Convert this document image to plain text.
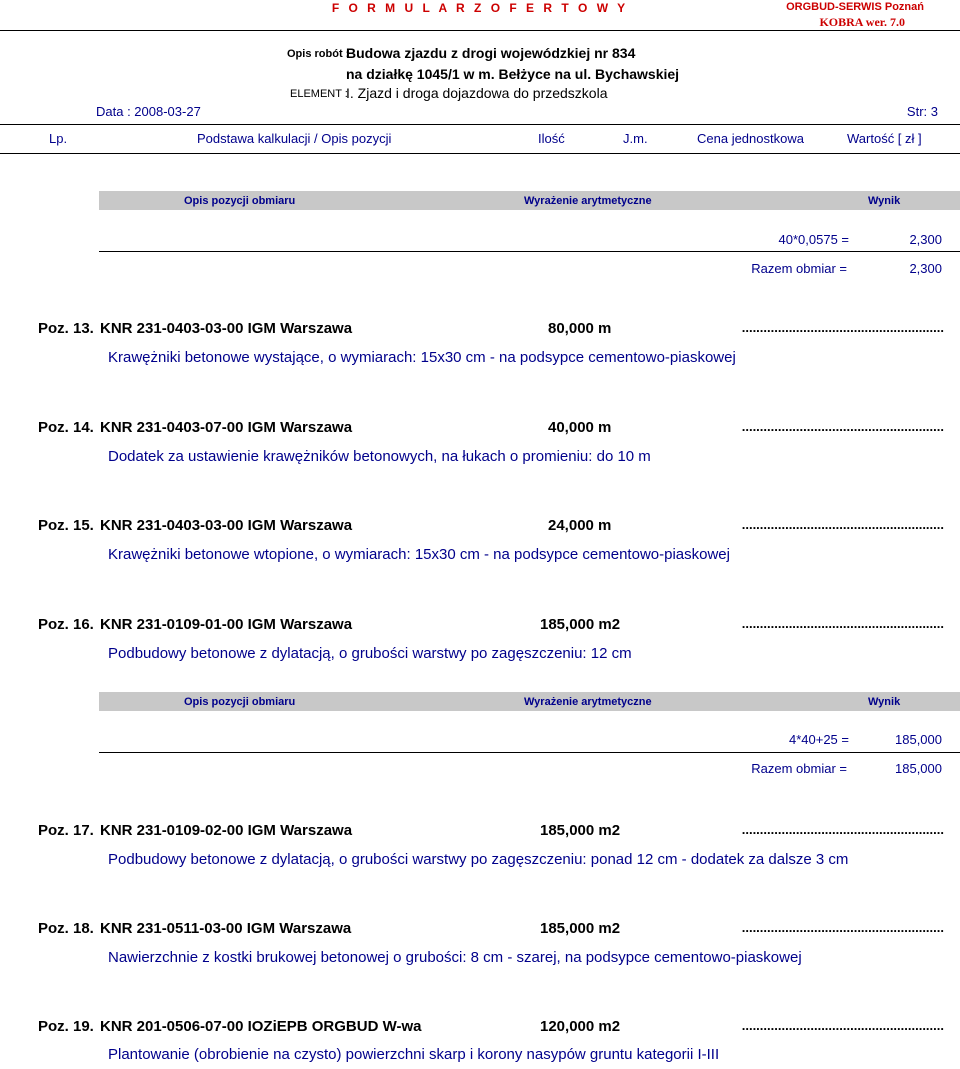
F O R M U L A R Z O F E R T O W Y	ORGBUD-SERWIS Poznań
KOBRA wer. 7.0
Opis robót :
Budowa zjazdu z drogi wojewódzkiej nr 834
na działkę 1045/1 w m. Bełżyce na ul. Bychawskiej
ELEMENT :
I. Zjazd i droga dojazdowa do przedszkola
Data : 2008-03-27	Str: 3
Lp.	Podstawa kalkulacji / Opis pozycji	Ilość	J.m.	Cena jednostkowa	Wartość [ zł ]
Opis pozycji obmiaru	Wyrażenie arytmetyczne	Wynik
40*0,0575 =	2,300
Razem obmiar =	2,300
Poz. 13. KNR 231-0403-03-00 IGM Warszawa	80,000 m	........................................................
Krawężniki betonowe wystające, o wymiarach: 15x30 cm - na podsypce cementowo-piaskowej
Poz. 14. KNR 231-0403-07-00 IGM Warszawa	40,000 m	........................................................
Dodatek za ustawienie krawężników betonowych, na łukach o promieniu: do 10 m
Poz. 15. KNR 231-0403-03-00 IGM Warszawa	24,000 m	........................................................
Krawężniki betonowe wtopione, o wymiarach: 15x30 cm - na podsypce cementowo-piaskowej
Poz. 16. KNR 231-0109-01-00 IGM Warszawa	185,000 m2	........................................................
Podbudowy betonowe z dylatacją, o grubości warstwy po zagęszczeniu: 12 cm
Opis pozycji obmiaru	Wyrażenie arytmetyczne	Wynik
4*40+25 =	185,000
Razem obmiar =	185,000
Poz. 17. KNR 231-0109-02-00 IGM Warszawa	185,000 m2	........................................................
Podbudowy betonowe z dylatacją, o grubości warstwy po zagęszczeniu: ponad 12 cm - dodatek za dalsze 3 cm
Poz. 18. KNR 231-0511-03-00 IGM Warszawa	185,000 m2	........................................................
Nawierzchnie z kostki brukowej betonowej o grubości: 8 cm - szarej, na podsypce cementowo-piaskowej
Poz. 19. KNR 201-0506-07-00 IOZiEPB ORGBUD W-wa	120,000 m2	........................................................
Plantowanie (obrobienie na czysto) powierzchni skarp i korony nasypów gruntu kategorii I-III
